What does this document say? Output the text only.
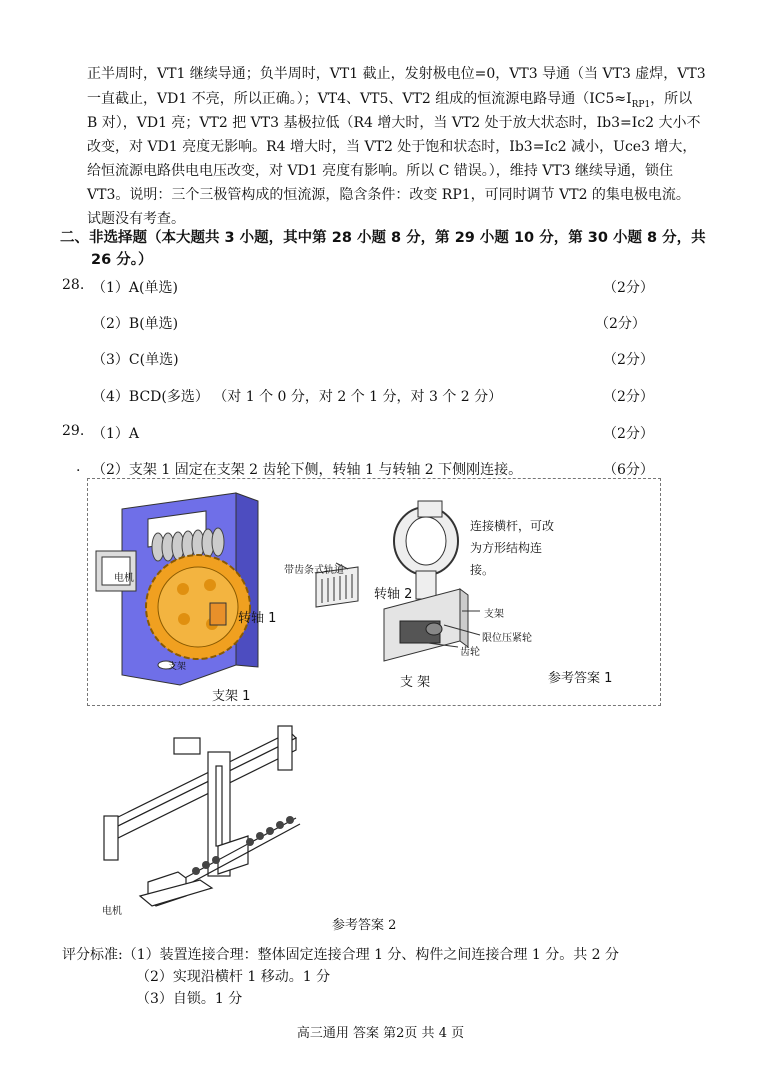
正半周时，VT1 继续导通；负半周时，VT1 截止，发射极电位=0，VT3 导通（当 VT3 虚焊，VT3
一直截止，VD1 不亮，所以正确。）；VT4、VT5、VT2 组成的恒流源电路导通（$IC5\approx I_{RP1}$，所以
B 对），VD1 亮；VT2 把 VT3 基极拉低（R4 增大时，当 VT2 处于放大状态时，Ib3=Ic2 大小不
改变，对 VD1 亮度无影响。R4 增大时，当 VT2 处于饱和状态时，Ib3=Ic2 减小，Uce3 增大，
给恒流源电路供电电压改变，对 VD1 亮度有影响。所以 C 错误。），维持 VT3 继续导通，锁住
VT3。说明：三个三极管构成的恒流源，隐含条件：改变 RP1，可同时调节 VT2 的集电极电流。
试题没有考查。
二、非选择题（本大题共 3 小题，其中第 28 小题 8 分，第 29 小题 10 分，第 30 小题 8 分，共
26 分。）
28. （1）A(单选)	（2分）
（2）B(单选)	（2分）
（3）C(单选)	（2分）
（4）BCD(多选） （对 1 个 0 分，对 2 个 1 分，对 3 个 2 分）	（2分）
29. （1）A	（2分）
. （2）支架 1 固定在支架 2 齿轮下侧，转轴 1 与转轴 2 下侧刚连接。	（6分）
电机
转轴 1
支架
支架 1
带齿条式轨道
转轴 2
连接横杆，可改
为方形结构连
接。
支架
限位压紧轮
齿轮
支 架	参考答案 1
电机
参考答案 2
评分标准:（1）装置连接合理：整体固定连接合理 1 分、构件之间连接合理 1 分。共 2 分
（2）实现沿横杆 1 移动。1 分
（3）自锁。1 分
高三通用 答案 第2页 共 4 页
